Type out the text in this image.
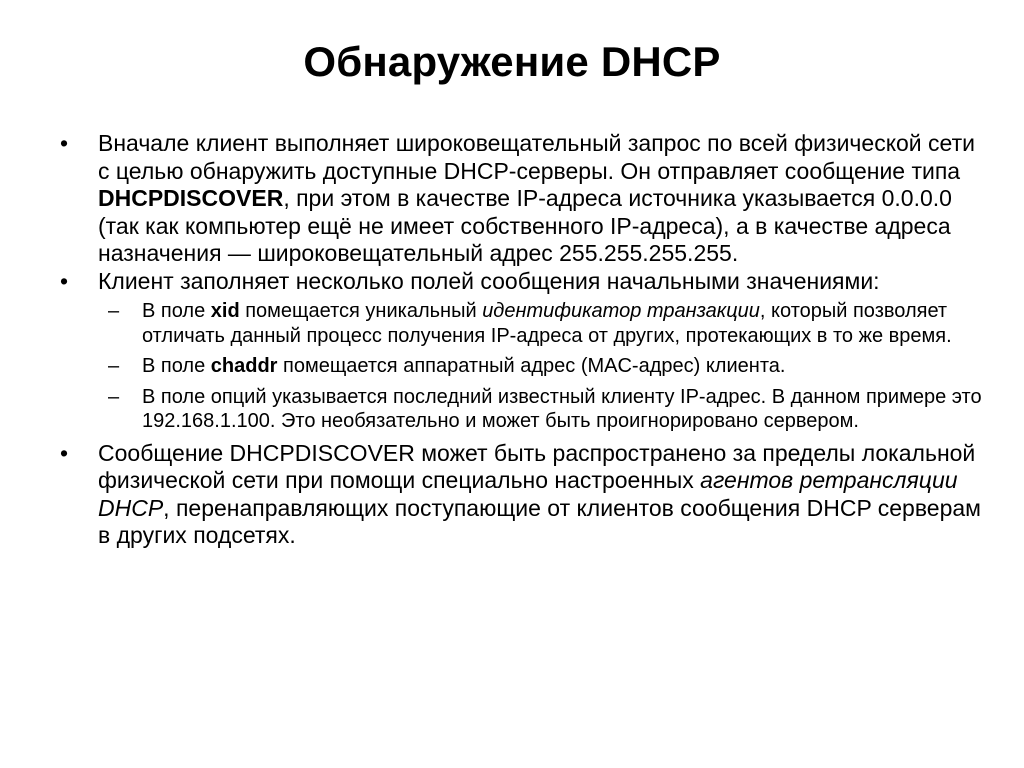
Обнаружение DHCP
• Вначале клиент выполняет широковещательный запрос по всей физической сети с целью обнаружить доступные DHCP-серверы. Он отправляет сообщение типа DHCPDISCOVER, при этом в качестве IP-адреса источника указывается 0.0.0.0 (так как компьютер ещё не имеет собственного IP-адреса), а в качестве адреса назначения — широковещательный адрес 255.255.255.255.
• Клиент заполняет несколько полей сообщения начальными значениями:
– В поле xid помещается уникальный идентификатор транзакции, который позволяет отличать данный процесс получения IP-адреса от других, протекающих в то же время.
– В поле chaddr помещается аппаратный адрес (MAC-адрес) клиента.
– В поле опций указывается последний известный клиенту IP-адрес. В данном примере это 192.168.1.100. Это необязательно и может быть проигнорировано сервером.
• Сообщение DHCPDISCOVER может быть распространено за пределы локальной физической сети при помощи специально настроенных агентов ретрансляции DHCP, перенаправляющих поступающие от клиентов сообщения DHCP серверам в других подсетях.
